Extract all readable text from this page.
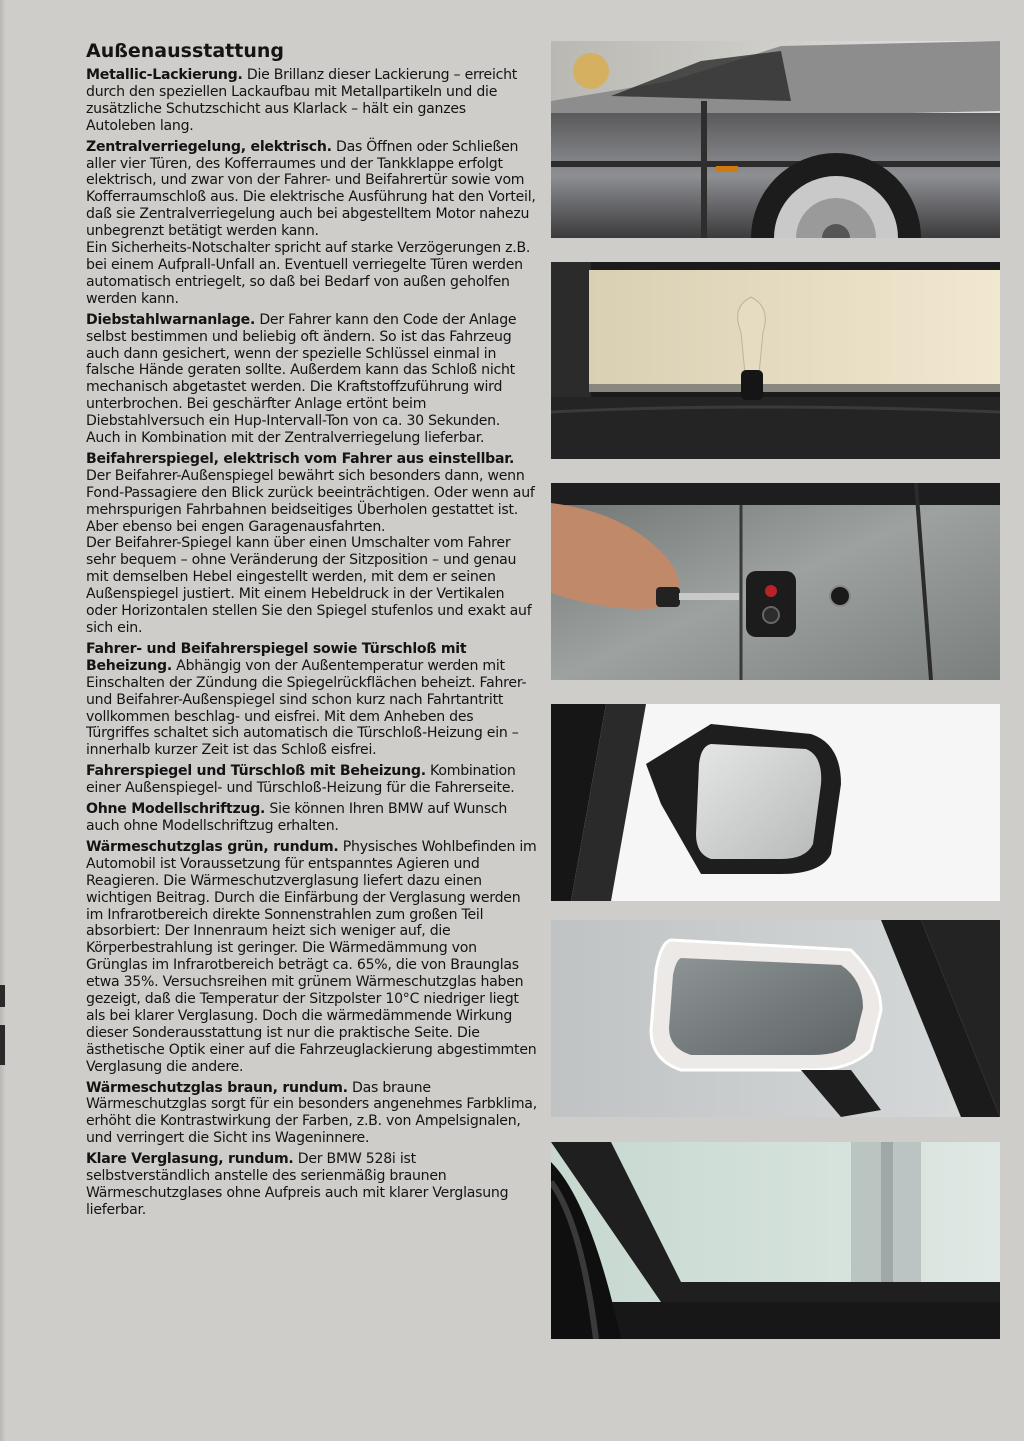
Außenausstattung

Metallic-Lackierung. Die Brillanz dieser Lackierung – erreicht durch den speziellen Lackaufbau mit Metallpartikeln und die zusätzliche Schutzschicht aus Klarlack – hält ein ganzes Autoleben lang.

Zentralverriegelung, elektrisch. Das Öffnen oder Schließen aller vier Türen, des Kofferraumes und der Tankklappe erfolgt elektrisch, und zwar von der Fahrer- und Beifahrertür sowie vom Kofferraumschloß aus. Die elektrische Ausführung hat den Vorteil, daß sie Zentralverriegelung auch bei abgestelltem Motor nahezu unbegrenzt betätigt werden kann.

Ein Sicherheits-Notschalter spricht auf starke Verzögerungen z.B. bei einem Aufprall-Unfall an. Eventuell verriegelte Türen werden automatisch entriegelt, so daß bei Bedarf von außen geholfen werden kann.

Diebstahlwarnanlage. Der Fahrer kann den Code der Anlage selbst bestimmen und beliebig oft ändern. So ist das Fahrzeug auch dann gesichert, wenn der spezielle Schlüssel einmal in falsche Hände geraten sollte. Außerdem kann das Schloß nicht mechanisch abgetastet werden. Die Kraftstoffzuführung wird unterbrochen. Bei geschärfter Anlage ertönt beim Diebstahlversuch ein Hup-Intervall-Ton von ca. 30 Sekunden. Auch in Kombination mit der Zentralverriegelung lieferbar.

Beifahrerspiegel, elektrisch vom Fahrer aus einstellbar. Der Beifahrer-Außenspiegel bewährt sich besonders dann, wenn Fond-Passagiere den Blick zurück beeinträchtigen. Oder wenn auf mehrspurigen Fahrbahnen beidseitiges Überholen gestattet ist. Aber ebenso bei engen Garagenausfahrten.

Der Beifahrer-Spiegel kann über einen Umschalter vom Fahrer sehr bequem – ohne Veränderung der Sitzposition – und genau mit demselben Hebel eingestellt werden, mit dem er seinen Außenspiegel justiert. Mit einem Hebeldruck in der Vertikalen oder Horizontalen stellen Sie den Spiegel stufenlos und exakt auf sich ein.

Fahrer- und Beifahrerspiegel sowie Türschloß mit Beheizung. Abhängig von der Außentemperatur werden mit Einschalten der Zündung die Spiegelrückflächen beheizt. Fahrer- und Beifahrer-Außenspiegel sind schon kurz nach Fahrtantritt vollkommen beschlag- und eisfrei. Mit dem Anheben des Türgriffes schaltet sich automatisch die Türschloß-Heizung ein – innerhalb kurzer Zeit ist das Schloß eisfrei.

Fahrerspiegel und Türschloß mit Beheizung. Kombination einer Außenspiegel- und Türschloß-Heizung für die Fahrerseite.

Ohne Modellschriftzug. Sie können Ihren BMW auf Wunsch auch ohne Modellschriftzug erhalten.

Wärmeschutzglas grün, rundum. Physisches Wohlbefinden im Automobil ist Voraussetzung für entspanntes Agieren und Reagieren. Die Wärmeschutzverglasung liefert dazu einen wichtigen Beitrag. Durch die Einfärbung der Verglasung werden im Infrarotbereich direkte Sonnenstrahlen zum großen Teil absorbiert: Der Innenraum heizt sich weniger auf, die Körperbestrahlung ist geringer. Die Wärmedämmung von Grünglas im Infrarotbereich beträgt ca. 65%, die von Braunglas etwa 35%. Versuchsreihen mit grünem Wärmeschutzglas haben gezeigt, daß die Temperatur der Sitzpolster 10°C niedriger liegt als bei klarer Verglasung. Doch die wärmedämmende Wirkung dieser Sonderausstattung ist nur die praktische Seite. Die ästhetische Optik einer auf die Fahrzeuglackierung abgestimmten Verglasung die andere.

Wärmeschutzglas braun, rundum. Das braune Wärmeschutzglas sorgt für ein besonders angenehmes Farbklima, erhöht die Kontrastwirkung der Farben, z.B. von Ampelsignalen, und verringert die Sicht ins Wageninnere.

Klare Verglasung, rundum. Der BMW 528i ist selbstverständlich anstelle des serienmäßig braunen Wärmeschutzglases ohne Aufpreis auch mit klarer Verglasung lieferbar.
